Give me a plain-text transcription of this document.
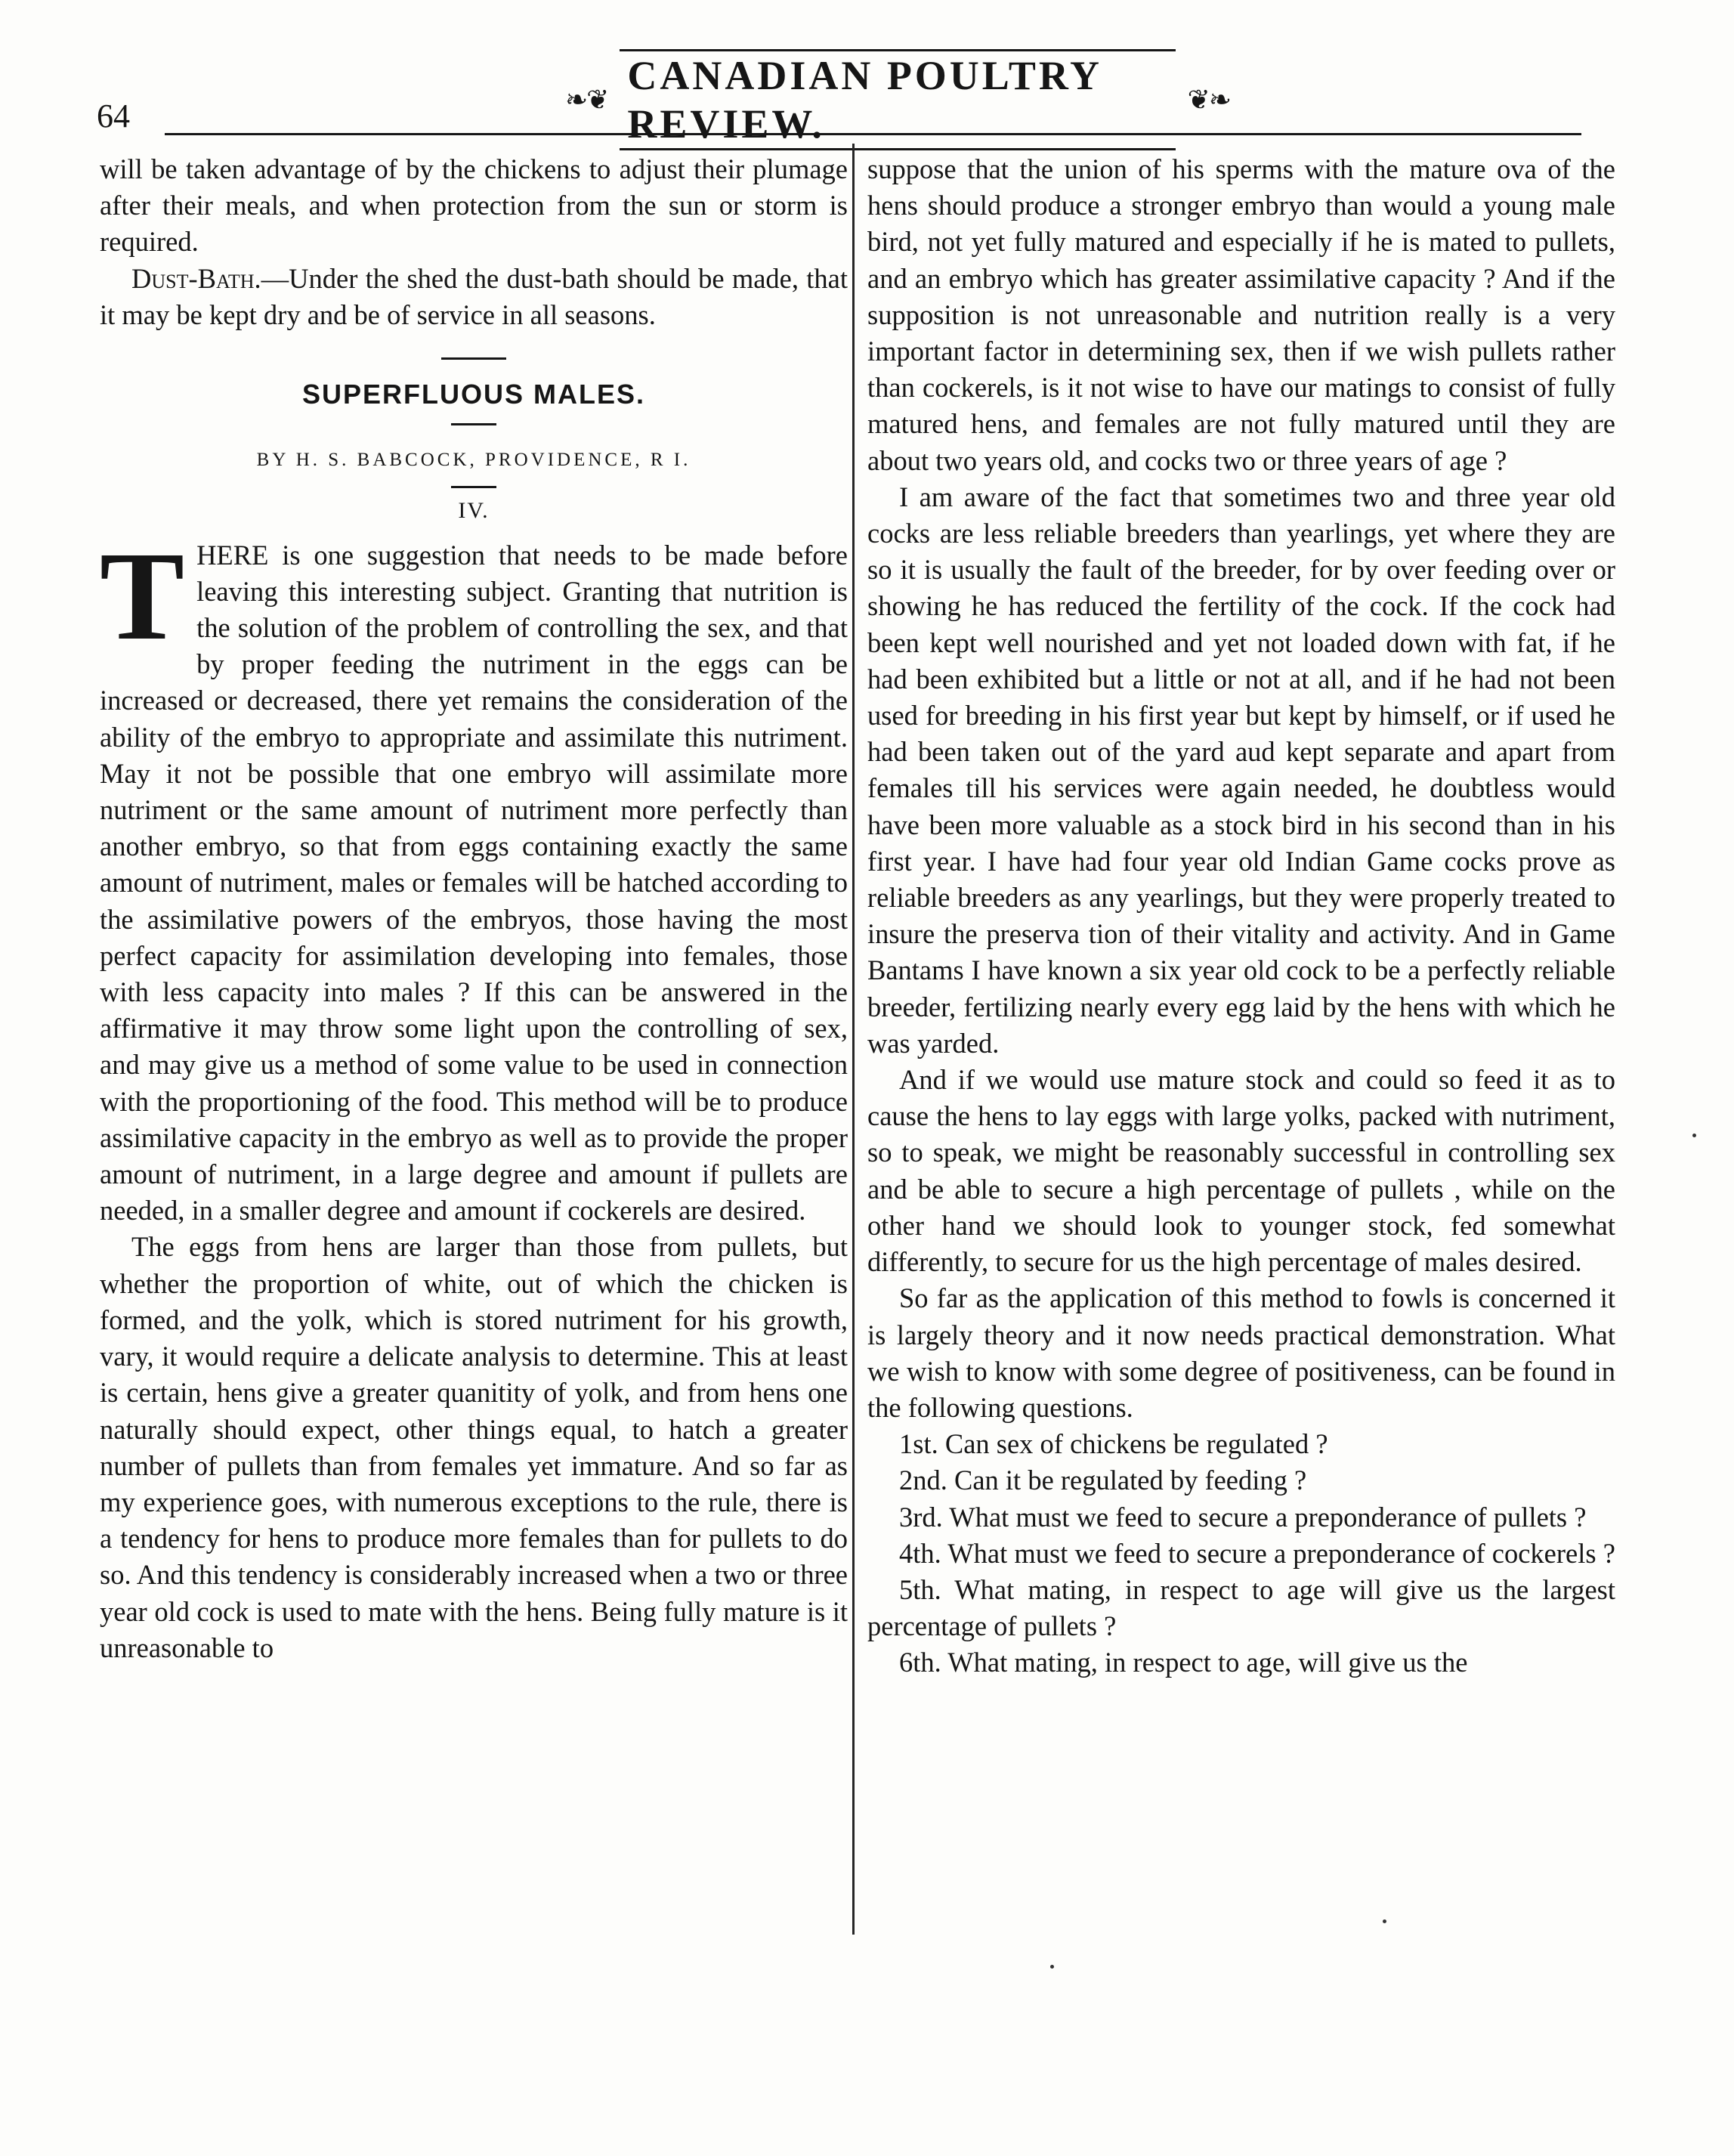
64	❧❦
CANADIAN POULTRY REVIEW.
❦❧

will be taken advantage of by the chickens to adjust their plumage after their meals, and when protection from the sun or storm is required.

Dust-Bath.—Under the shed the dust-bath should be made, that it may be kept dry and be of service in all seasons.

SUPERFLUOUS MALES.

BY H. S. BABCOCK, PROVIDENCE, R I.

IV.

THERE is one suggestion that needs to be made before leaving this interesting subject. Granting that nutrition is the solution of the problem of controlling the sex, and that by proper feeding the nutriment in the eggs can be increased or decreased, there yet remains the consideration of the ability of the embryo to appropriate and assimilate this nutriment. May it not be possible that one embryo will assimilate more nutriment or the same amount of nutriment more perfectly than another embryo, so that from eggs containing exactly the same amount of nutriment, males or females will be hatched according to the assimilative powers of the embryos, those having the most perfect capacity for assimilation developing into females, those with less capacity into males ? If this can be answered in the affirmative it may throw some light upon the controlling of sex, and may give us a method of some value to be used in connection with the proportioning of the food. This method will be to produce assimilative capacity in the embryo as well as to provide the proper amount of nutriment, in a large degree and amount if pullets are needed, in a smaller degree and amount if cockerels are desired.

The eggs from hens are larger than those from pullets, but whether the proportion of white, out of which the chicken is formed, and the yolk, which is stored nutriment for his growth, vary, it would require a delicate analysis to determine. This at least is certain, hens give a greater quanitity of yolk, and from hens one naturally should expect, other things equal, to hatch a greater number of pullets than from females yet immature. And so far as my experience goes, with numerous exceptions to the rule, there is a tendency for hens to produce more females than for pullets to do so. And this tendency is considerably increased when a two or three year old cock is used to mate with the hens. Being fully mature is it unreasonable to

suppose that the union of his sperms with the mature ova of the hens should produce a stronger embryo than would a young male bird, not yet fully matured and especially if he is mated to pullets, and an embryo which has greater assimilative capacity ? And if the supposition is not unreasonable and nutrition really is a very important factor in determining sex, then if we wish pullets rather than cockerels, is it not wise to have our matings to consist of fully matured hens, and females are not fully matured until they are about two years old, and cocks two or three years of age ?

I am aware of the fact that sometimes two and three year old cocks are less reliable breeders than yearlings, yet where they are so it is usually the fault of the breeder, for by over feeding over or showing he has reduced the fertility of the cock. If the cock had been kept well nourished and yet not loaded down with fat, if he had been exhibited but a little or not at all, and if he had not been used for breeding in his first year but kept by himself, or if used he had been taken out of the yard aud kept separate and apart from females till his services were again needed, he doubtless would have been more valuable as a stock bird in his second than in his first year. I have had four year old Indian Game cocks prove as reliable breeders as any yearlings, but they were properly treated to insure the preserva tion of their vitality and activity. And in Game Bantams I have known a six year old cock to be a perfectly reliable breeder, fertilizing nearly every egg laid by the hens with which he was yarded.

And if we would use mature stock and could so feed it as to cause the hens to lay eggs with large yolks, packed with nutriment, so to speak, we might be reasonably successful in controlling sex and be able to secure a high percentage of pullets , while on the other hand we should look to younger stock, fed somewhat differently, to secure for us the high percentage of males desired.

So far as the application of this method to fowls is concerned it is largely theory and it now needs practical demonstration. What we wish to know with some degree of positiveness, can be found in the following questions.

1st. Can sex of chickens be regulated ?

2nd. Can it be regulated by feeding ?

3rd. What must we feed to secure a preponderance of pullets ?

4th. What must we feed to secure a preponderance of cockerels ?

5th. What mating, in respect to age will give us the largest percentage of pullets ?

6th. What mating, in respect to age, will give us the
